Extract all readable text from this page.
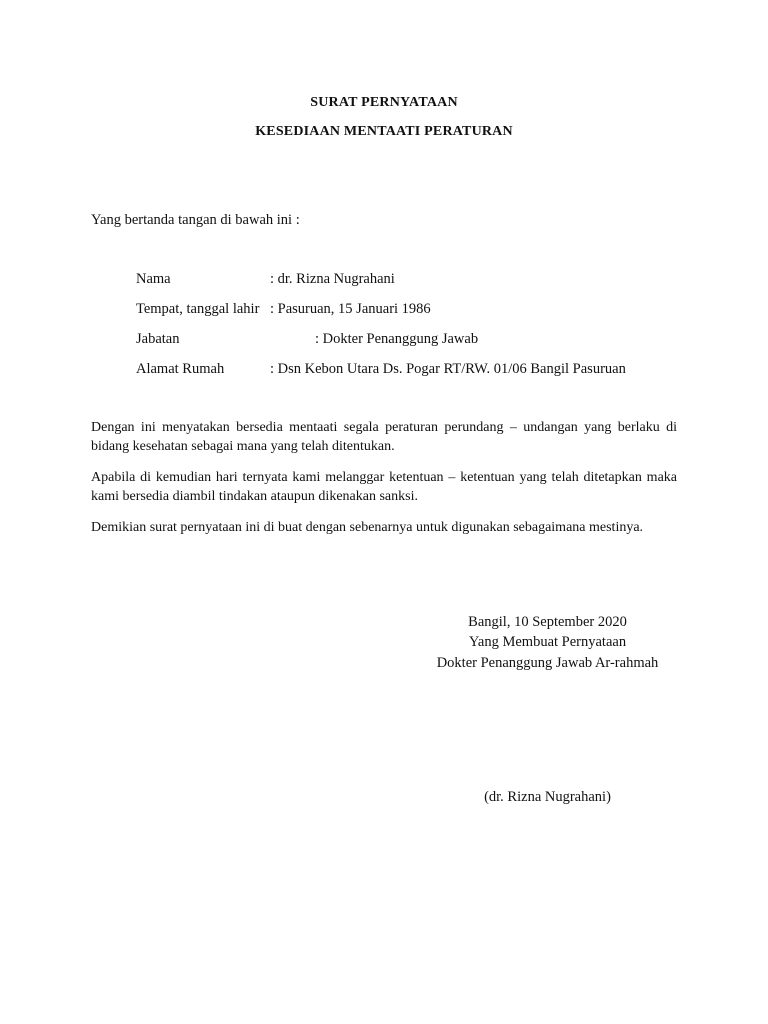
SURAT PERNYATAAN
KESEDIAAN MENTAATI PERATURAN
Yang bertanda tangan di bawah ini :
Nama	: dr. Rizna Nugrahani
Tempat, tanggal lahir : Pasuruan, 15 Januari 1986
Jabatan	: Dokter Penanggung Jawab
Alamat Rumah	: Dsn Kebon Utara Ds. Pogar RT/RW. 01/06 Bangil Pasuruan
Dengan ini menyatakan bersedia mentaati segala peraturan perundang – undangan yang berlaku di bidang kesehatan sebagai mana yang telah ditentukan.
Apabila di kemudian hari ternyata kami melanggar ketentuan – ketentuan yang telah ditetapkan maka kami bersedia diambil tindakan ataupun dikenakan sanksi.
Demikian surat pernyataan ini di buat dengan sebenarnya untuk digunakan sebagaimana mestinya.
Bangil, 10 September 2020
Yang Membuat Pernyataan
Dokter Penanggung Jawab Ar-rahmah
(dr. Rizna Nugrahani)
